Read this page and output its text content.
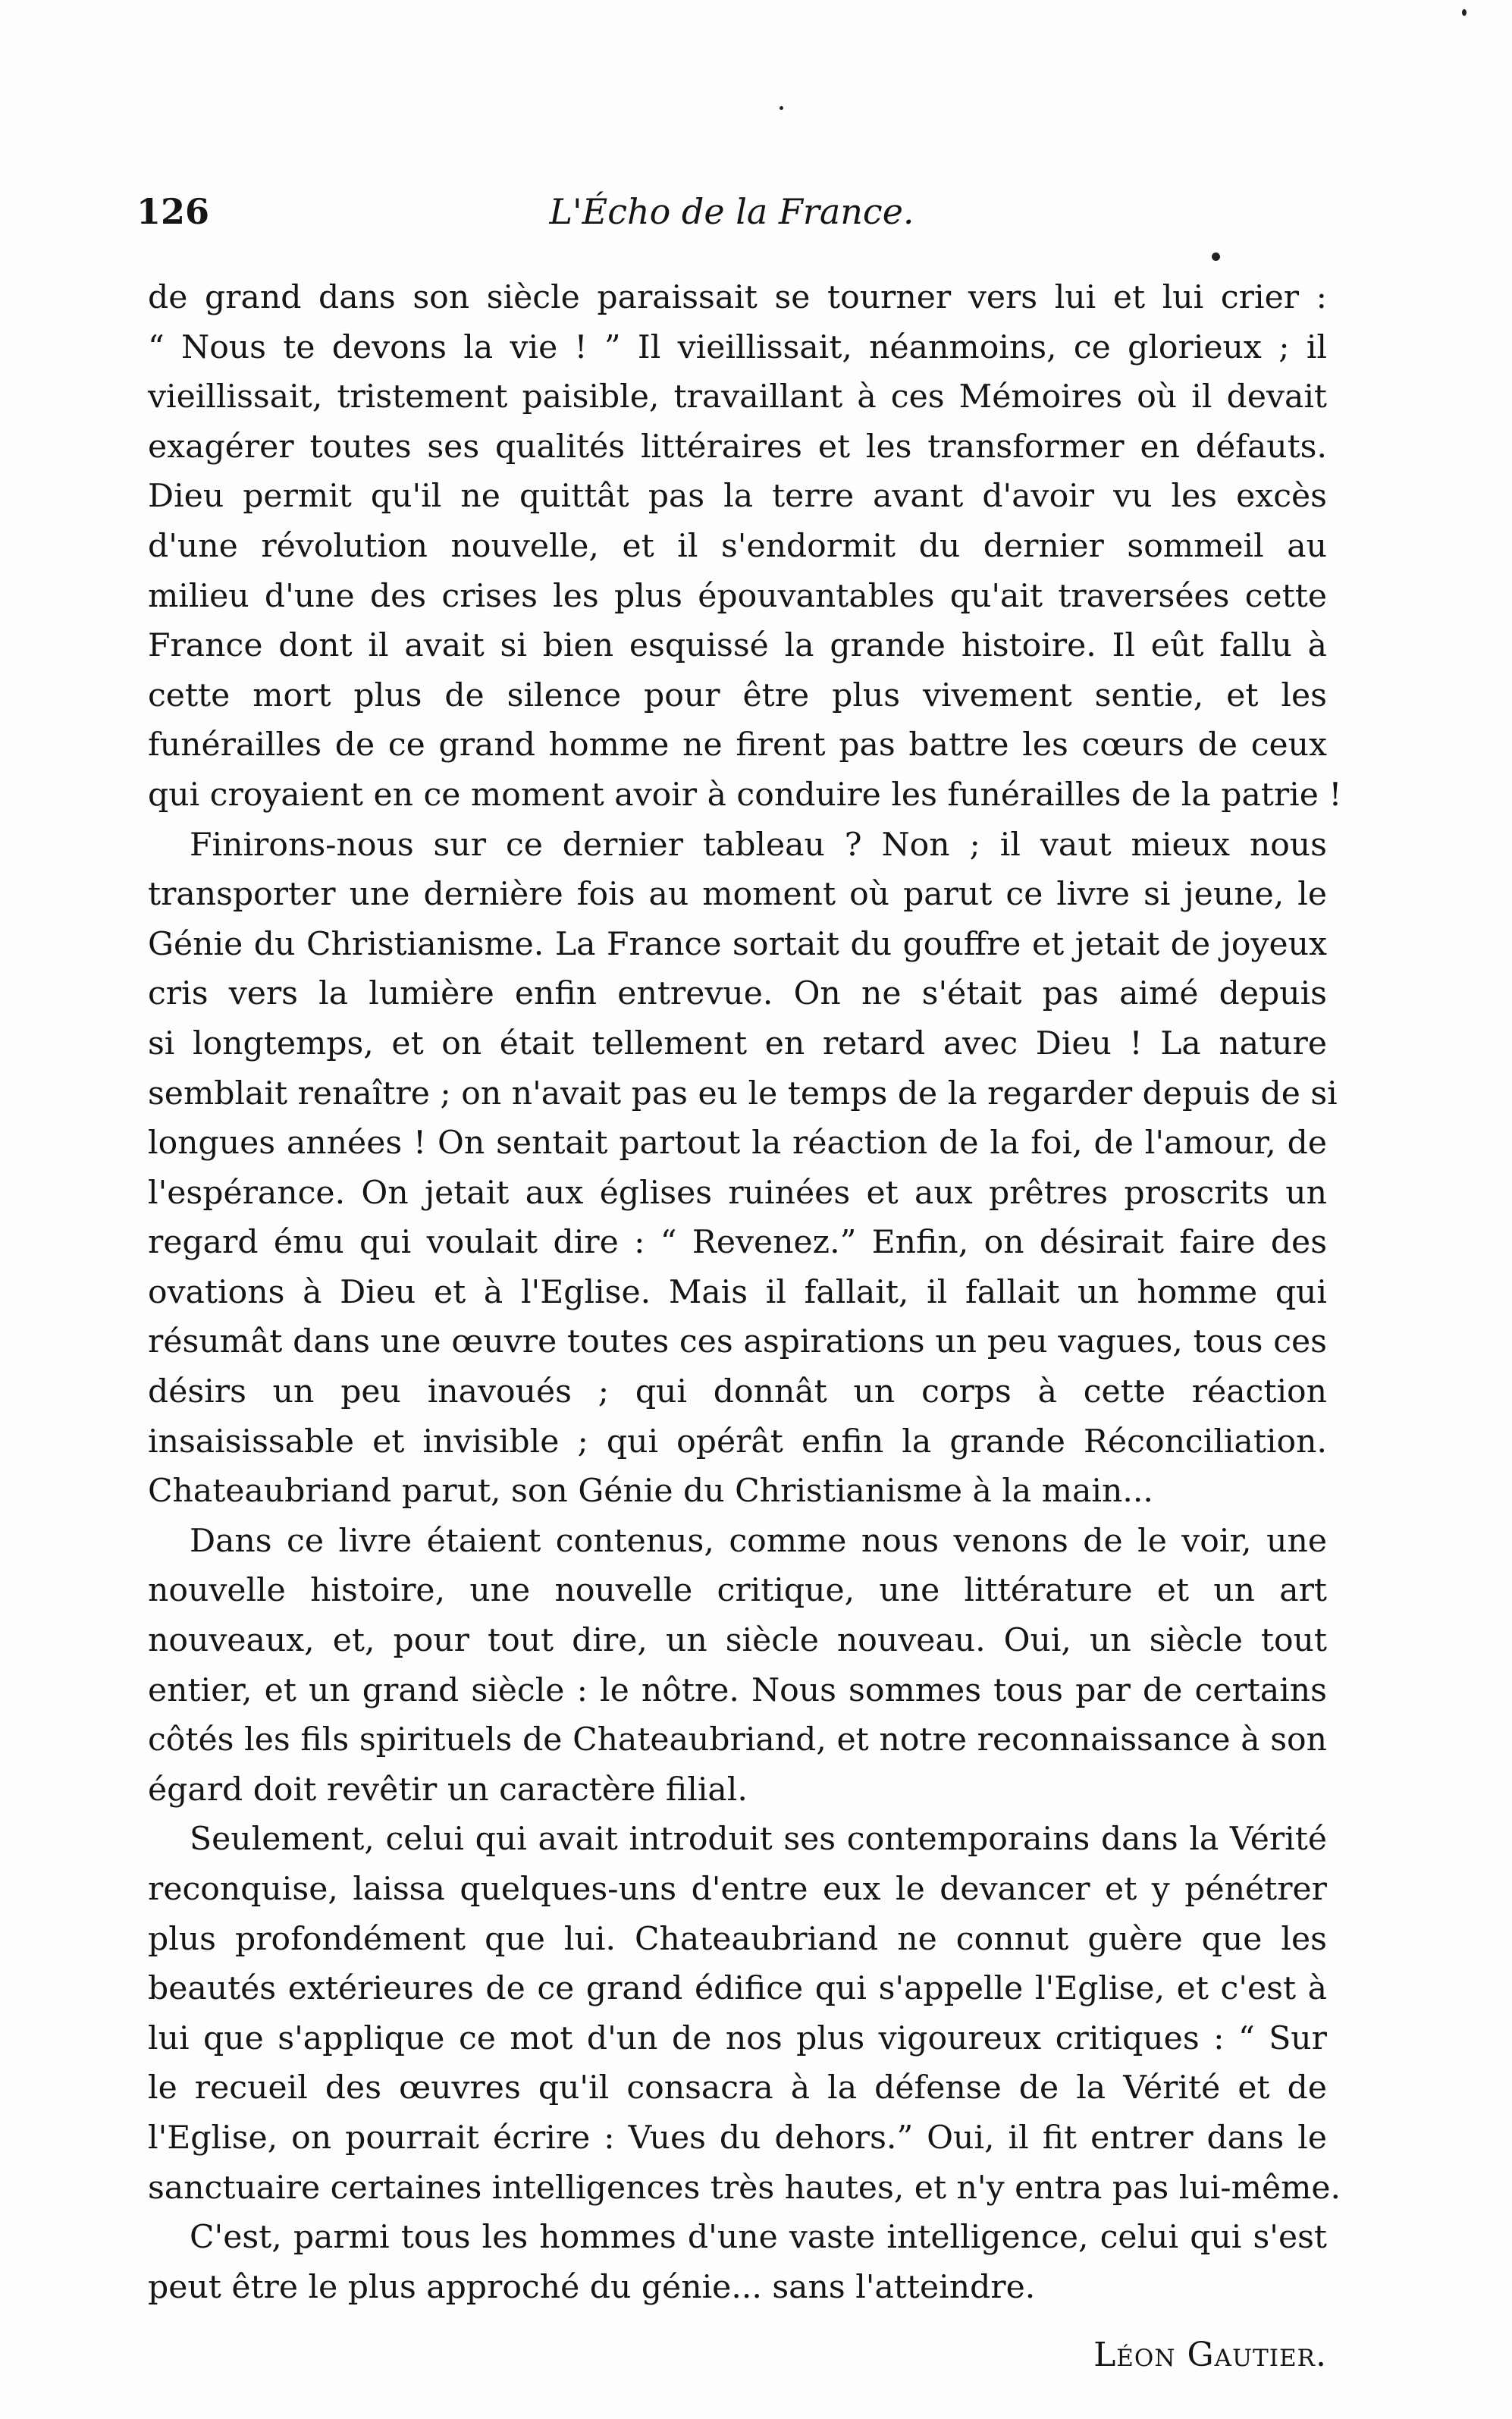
126	L'Écho de la France.
de grand dans son siècle paraissait se tourner vers lui et lui crier :
“ Nous te devons la vie ! ” Il vieillissait, néanmoins, ce glorieux ; il
vieillissait, tristement paisible, travaillant à ces Mémoires où il devait
exagérer toutes ses qualités littéraires et les transformer en défauts.
Dieu permit qu'il ne quittât pas la terre avant d'avoir vu les excès
d'une révolution nouvelle, et il s'endormit du dernier sommeil au
milieu d'une des crises les plus épouvantables qu'ait traversées cette
France dont il avait si bien esquissé la grande histoire. Il eût fallu à
cette mort plus de silence pour être plus vivement sentie, et les
funérailles de ce grand homme ne firent pas battre les cœurs de ceux
qui croyaient en ce moment avoir à conduire les funérailles de la patrie !
Finirons-nous sur ce dernier tableau ? Non ; il vaut mieux nous
transporter une dernière fois au moment où parut ce livre si jeune, le
Génie du Christianisme. La France sortait du gouffre et jetait de joyeux
cris vers la lumière enfin entrevue. On ne s'était pas aimé depuis
si longtemps, et on était tellement en retard avec Dieu ! La nature
semblait renaître ; on n'avait pas eu le temps de la regarder depuis de si
longues années ! On sentait partout la réaction de la foi, de l'amour, de
l'espérance. On jetait aux églises ruinées et aux prêtres proscrits un
regard ému qui voulait dire : “ Revenez.” Enfin, on désirait faire des
ovations à Dieu et à l'Eglise. Mais il fallait, il fallait un homme qui
résumât dans une œuvre toutes ces aspirations un peu vagues, tous ces
désirs un peu inavoués ; qui donnât un corps à cette réaction
insaisissable et invisible ; qui opérât enfin la grande Réconciliation.
Chateaubriand parut, son Génie du Christianisme à la main...
Dans ce livre étaient contenus, comme nous venons de le voir, une
nouvelle histoire, une nouvelle critique, une littérature et un art
nouveaux, et, pour tout dire, un siècle nouveau. Oui, un siècle tout
entier, et un grand siècle : le nôtre. Nous sommes tous par de certains
côtés les fils spirituels de Chateaubriand, et notre reconnaissance à son
égard doit revêtir un caractère filial.
Seulement, celui qui avait introduit ses contemporains dans la Vérité
reconquise, laissa quelques-uns d'entre eux le devancer et y pénétrer
plus profondément que lui. Chateaubriand ne connut guère que les
beautés extérieures de ce grand édifice qui s'appelle l'Eglise, et c'est à
lui que s'applique ce mot d'un de nos plus vigoureux critiques : “ Sur
le recueil des œuvres qu'il consacra à la défense de la Vérité et de
l'Eglise, on pourrait écrire : Vues du dehors.” Oui, il fit entrer dans le
sanctuaire certaines intelligences très hautes, et n'y entra pas lui-même.
C'est, parmi tous les hommes d'une vaste intelligence, celui qui s'est
peut être le plus approché du génie... sans l'atteindre.
Léon Gautier.
